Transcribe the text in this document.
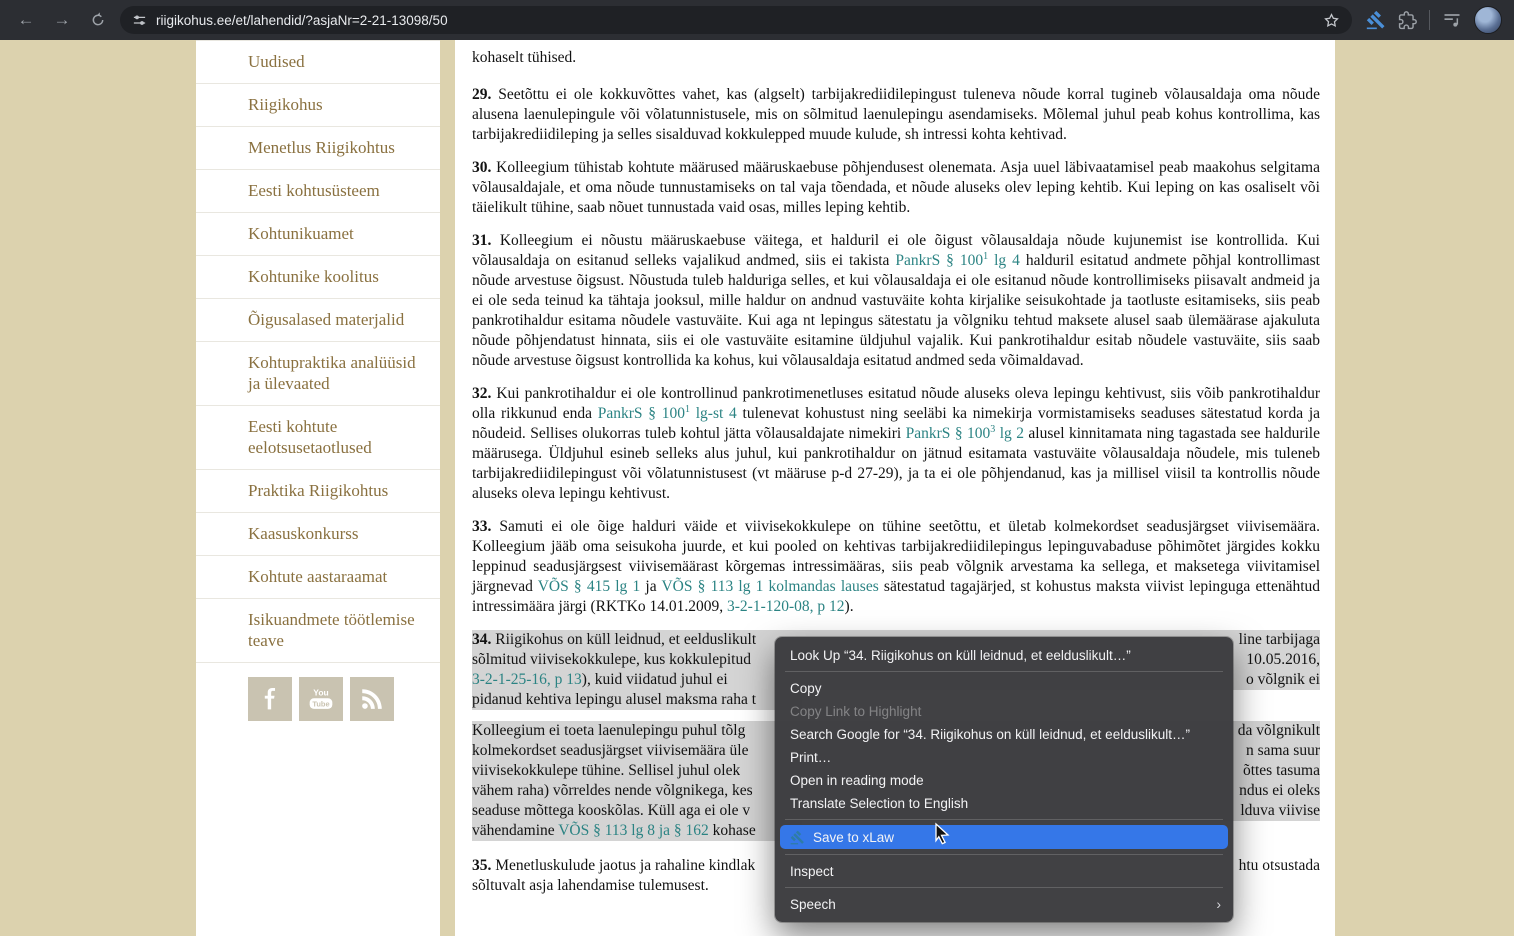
←	→	riigikohus.ee/et/lahendid/?asjaNr=2-21-13098/50
Uudised
Riigikohus
Menetlus Riigikohtus
Eesti kohtusüsteem
Kohtunikuamet
Kohtunike koolitus
Õigusalased materjalid
Kohtupraktika analüüsid ja ülevaated
Eesti kohtute eelotsusetaotlused
Praktika Riigikohtus
Kaasuskonkurss
Kohtute aastaraamat
Isikuandmete töötlemise teave
You
Tube

kohaselt tühised.

29. Seetõttu ei ole kokkuvõttes vahet, kas (algselt) tarbijakrediidilepingust tuleneva nõude korral tugineb võlausaldaja oma nõude alusena laenulepingule või võlatunnistusele, mis on sõlmitud laenulepingu asendamiseks. Mõlemal juhul peab kohus kontrollima, kas tarbijakrediidileping ja selles sisalduvad kokkulepped muude kulude, sh intressi kohta kehtivad.

30. Kolleegium tühistab kohtute määrused määruskaebuse põhjendusest olenemata. Asja uuel läbivaatamisel peab maakohus selgitama võlausaldajale, et oma nõude tunnustamiseks on tal vaja tõendada, et nõude aluseks olev leping kehtib. Kui leping on kas osaliselt või täielikult tühine, saab nõuet tunnustada vaid osas, milles leping kehtib.

31. Kolleegium ei nõustu määruskaebuse väitega, et halduril ei ole õigust võlausaldaja nõude kujunemist ise kontrollida. Kui võlausaldaja on esitanud selleks vajalikud andmed, siis ei takista PankrS § $100^1$ lg 4 halduril esitatud andmete põhjal kontrollimast nõude arvestuse õigsust. Nõustuda tuleb halduriga selles, et kui võlausaldaja ei ole esitanud nõude kontrollimiseks piisavalt andmeid ja ei ole seda teinud ka tähtaja jooksul, mille haldur on andnud vastuväite kohta kirjalike seisukohtade ja taotluste esitamiseks, siis peab pankrotihaldur esitama nõudele vastuväite. Kui aga nt lepingus sätestatu ja võlgniku tehtud maksete alusel saab ülemäärase ajakuluta nõude põhjendatust hinnata, siis ei ole vastuväite esitamine üldjuhul vajalik. Kui pankrotihaldur esitab nõudele vastuväite, siis saab nõude arvestuse õigsust kontrollida ka kohus, kui võlausaldaja esitatud andmed seda võimaldavad.

32. Kui pankrotihaldur ei ole kontrollinud pankrotimenetluses esitatud nõude aluseks oleva lepingu kehtivust, siis võib pankrotihaldur olla rikkunud enda PankrS § $100^1$ lg-st 4 tulenevat kohustust ning seeläbi ka nimekirja vormistamiseks seaduses sätestatud korda ja nõudeid. Sellises olukorras tuleb kohtul jätta võlausaldajate nimekiri PankrS § $100^3$ lg 2 alusel kinnitamata ning tagastada see haldurile määrusega. Üldjuhul esineb selleks alus juhul, kui pankrotihaldur on jätnud esitamata vastuväite võlausaldaja nõudele, mis tuleneb tarbijakrediidilepingust või võlatunnistusest (vt määruse p-d 27-29), ja ta ei ole põhjendanud, kas ja millisel viisil ta kontrollis nõude aluseks oleva lepingu kehtivust.

33. Samuti ei ole õige halduri väide et viivisekokkulepe on tühine seetõttu, et ületab kolmekordset seadusjärgset viivisemäära. Kolleegium jääb oma seisukoha juurde, et kui pooled on kehtivas tarbijakrediidilepingus lepinguvabaduse põhimõtet järgides kokku leppinud seadusjärgsest viivisemäärast kõrgemas intressimääras, siis peab võlgnik arvestama ka sellega, et maksetega viivitamisel järgnevad VÕS § 415 lg 1 ja VÕS § 113 lg 1 kolmandas lauses sätestatud tagajärjed, st kohustus maksta viivist lepinguga ettenähtud intressimäära järgi (RKTKo 14.01.2009, 3-2-1-120-08, p 12).

34. Riigikohus on küll leidnud, et eelduslikult	line tarbijaga
sõlmitud viivisekokkulepe, kus kokkulepitud	10.05.2016,
3-2-1-25-16, p 13), kuid viidatud juhul ei	o võlgnik ei
pidanud kehtiva lepingu alusel maksma raha t
Kolleegium ei toeta laenulepingu puhul tõlg	da võlgnikult
kolmekordset seadusjärgset viivisemäära üle	n sama suur
viivisekokkulepe tühine. Sellisel juhul olek	õttes tasuma
vähem raha) võrreldes nende võlgnikega, kes	ndus ei oleks
seaduse mõttega kooskõlas. Küll aga ei ole v	lduva viivise
vähendamine VÕS § 113 lg 8 ja § 162 kohase
35. Menetluskulude jaotus ja rahaline kindlak	htu otsustada
sõltuvalt asja lahendamise tulemusest.
Look Up “34. Riigikohus on küll leidnud, et eelduslikult…”
Copy
Copy Link to Highlight
Search Google for “34. Riigikohus on küll leidnud, et eelduslikult…”
Print…
Open in reading mode
Translate Selection to English
Save to xLaw
Inspect
Speech	›
